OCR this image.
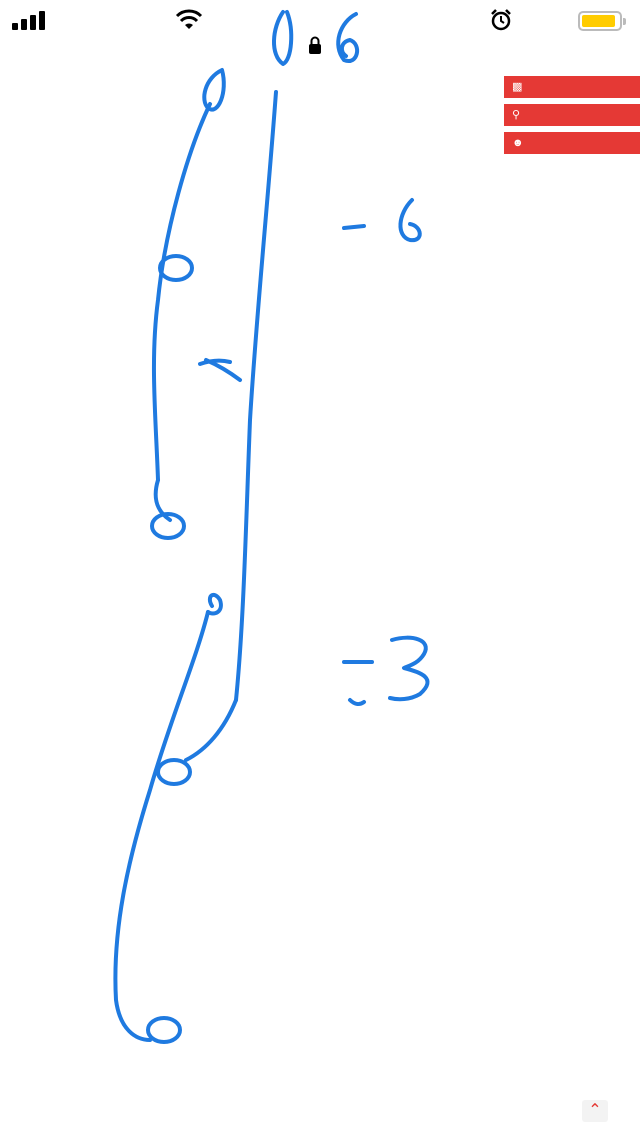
▩
⚲
☻
⌃
